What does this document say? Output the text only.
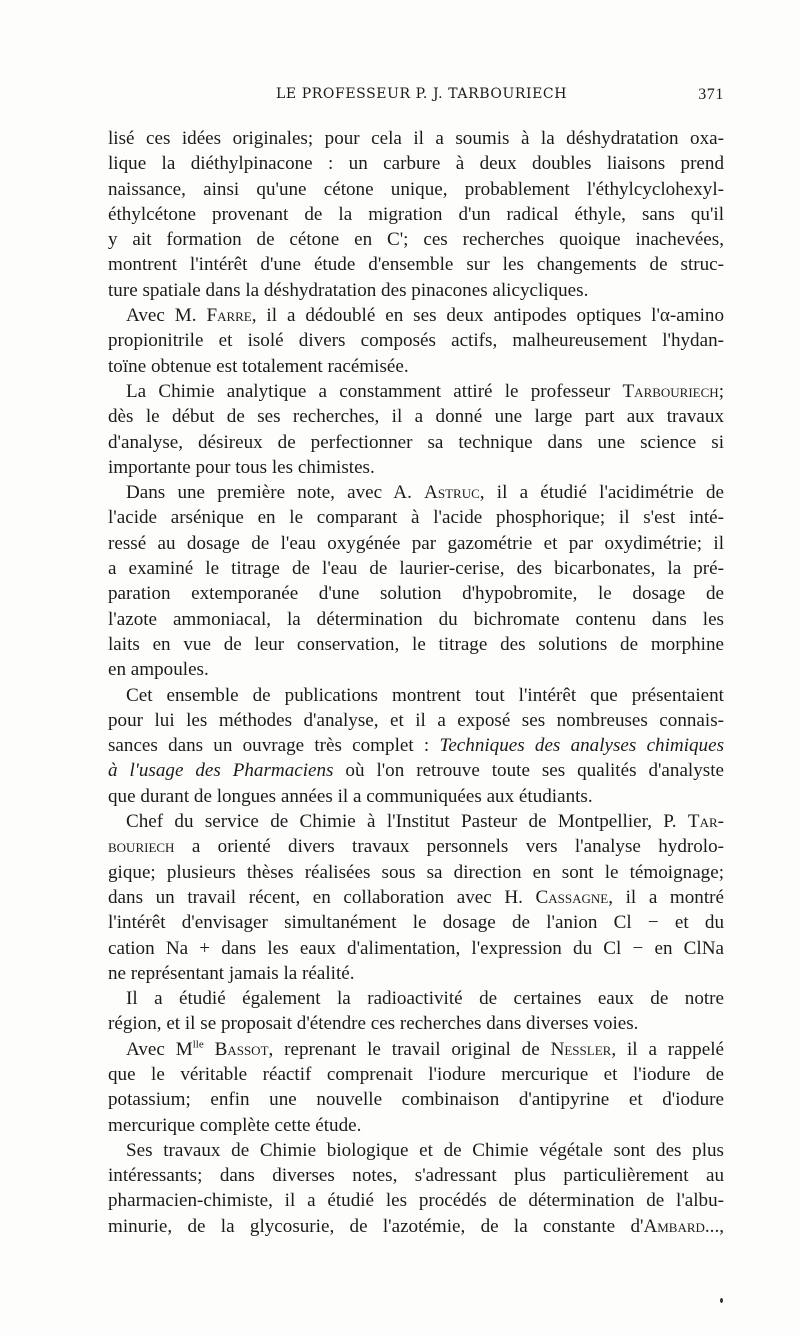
LE PROFESSEUR P. J. TARBOURIECH	371
lisé ces idées originales; pour cela il a soumis à la déshydratation oxa-
lique la diéthylpinacone : un carbure à deux doubles liaisons prend
naissance, ainsi qu'une cétone unique, probablement l'éthylcyclohexyl-
éthylcétone provenant de la migration d'un radical éthyle, sans qu'il
y ait formation de cétone en C'; ces recherches quoique inachevées,
montrent l'intérêt d'une étude d'ensemble sur les changements de struc-
ture spatiale dans la déshydratation des pinacones alicycliques.
Avec M. Farre, il a dédoublé en ses deux antipodes optiques l'α-amino
propionitrile et isolé divers composés actifs, malheureusement l'hydan-
toïne obtenue est totalement racémisée.
La Chimie analytique a constamment attiré le professeur Tarbouriech;
dès le début de ses recherches, il a donné une large part aux travaux
d'analyse, désireux de perfectionner sa technique dans une science si
importante pour tous les chimistes.
Dans une première note, avec A. Astruc, il a étudié l'acidimétrie de
l'acide arsénique en le comparant à l'acide phosphorique; il s'est inté-
ressé au dosage de l'eau oxygénée par gazométrie et par oxydimétrie; il
a examiné le titrage de l'eau de laurier-cerise, des bicarbonates, la pré-
paration extemporanée d'une solution d'hypobromite, le dosage de
l'azote ammoniacal, la détermination du bichromate contenu dans les
laits en vue de leur conservation, le titrage des solutions de morphine
en ampoules.
Cet ensemble de publications montrent tout l'intérêt que présentaient
pour lui les méthodes d'analyse, et il a exposé ses nombreuses connais-
sances dans un ouvrage très complet : Techniques des analyses chimiques
à l'usage des Pharmaciens où l'on retrouve toute ses qualités d'analyste
que durant de longues années il a communiquées aux étudiants.
Chef du service de Chimie à l'Institut Pasteur de Montpellier, P. Tar-
bouriech a orienté divers travaux personnels vers l'analyse hydrolo-
gique; plusieurs thèses réalisées sous sa direction en sont le témoignage;
dans un travail récent, en collaboration avec H. Cassagne, il a montré
l'intérêt d'envisager simultanément le dosage de l'anion Cl − et du
cation Na + dans les eaux d'alimentation, l'expression du Cl − en ClNa
ne représentant jamais la réalité.
Il a étudié également la radioactivité de certaines eaux de notre
région, et il se proposait d'étendre ces recherches dans diverses voies.
Avec $M^{lle}$ Bassot, reprenant le travail original de Nessler, il a rappelé
que le véritable réactif comprenait l'iodure mercurique et l'iodure de
potassium; enfin une nouvelle combinaison d'antipyrine et d'iodure
mercurique complète cette étude.
Ses travaux de Chimie biologique et de Chimie végétale sont des plus
intéressants; dans diverses notes, s'adressant plus particulièrement au
pharmacien-chimiste, il a étudié les procédés de détermination de l'albu-
minurie, de la glycosurie, de l'azotémie, de la constante d'Ambard...,
